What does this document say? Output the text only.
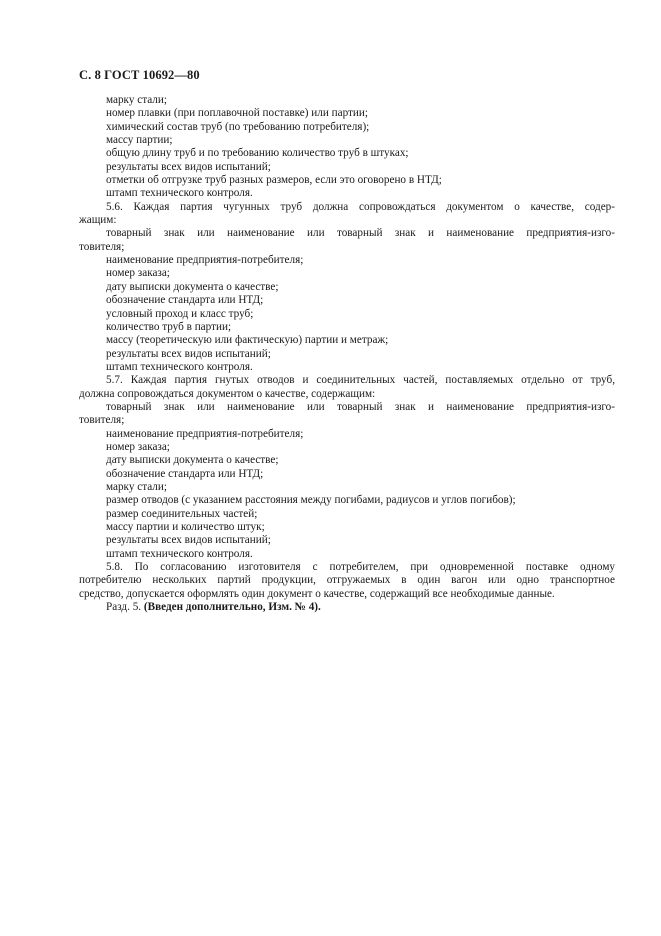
С. 8 ГОСТ 10692—80
марку стали;
номер плавки (при поплавочной поставке) или партии;
химический состав труб (по требованию потребителя);
массу партии;
общую длину труб и по требованию количество труб в штуках;
результаты всех видов испытаний;
отметки об отгрузке труб разных размеров, если это оговорено в НТД;
штамп технического контроля.
5.6. Каждая партия чугунных труб должна сопровождаться документом о качестве, содер-
жащим:
товарный знак или наименование или товарный знак и наименование предприятия-изго-
товителя;
наименование предприятия-потребителя;
номер заказа;
дату выписки документа о качестве;
обозначение стандарта или НТД;
условный проход и класс труб;
количество труб в партии;
массу (теоретическую или фактическую) партии и метраж;
результаты всех видов испытаний;
штамп технического контроля.
5.7. Каждая партия гнутых отводов и соединительных частей, поставляемых отдельно от труб,
должна сопровождаться документом о качестве, содержащим:
товарный знак или наименование или товарный знак и наименование предприятия-изго-
товителя;
наименование предприятия-потребителя;
номер заказа;
дату выписки документа о качестве;
обозначение стандарта или НТД;
марку стали;
размер отводов (с указанием расстояния между погибами, радиусов и углов погибов);
размер соединительных частей;
массу партии и количество штук;
результаты всех видов испытаний;
штамп технического контроля.
5.8. По согласованию изготовителя с потребителем, при одновременной поставке одному
потребителю нескольких партий продукции, отгружаемых в один вагон или одно транспортное
средство, допускается оформлять один документ о качестве, содержащий все необходимые данные.
Разд. 5. (Введен дополнительно, Изм. № 4).
